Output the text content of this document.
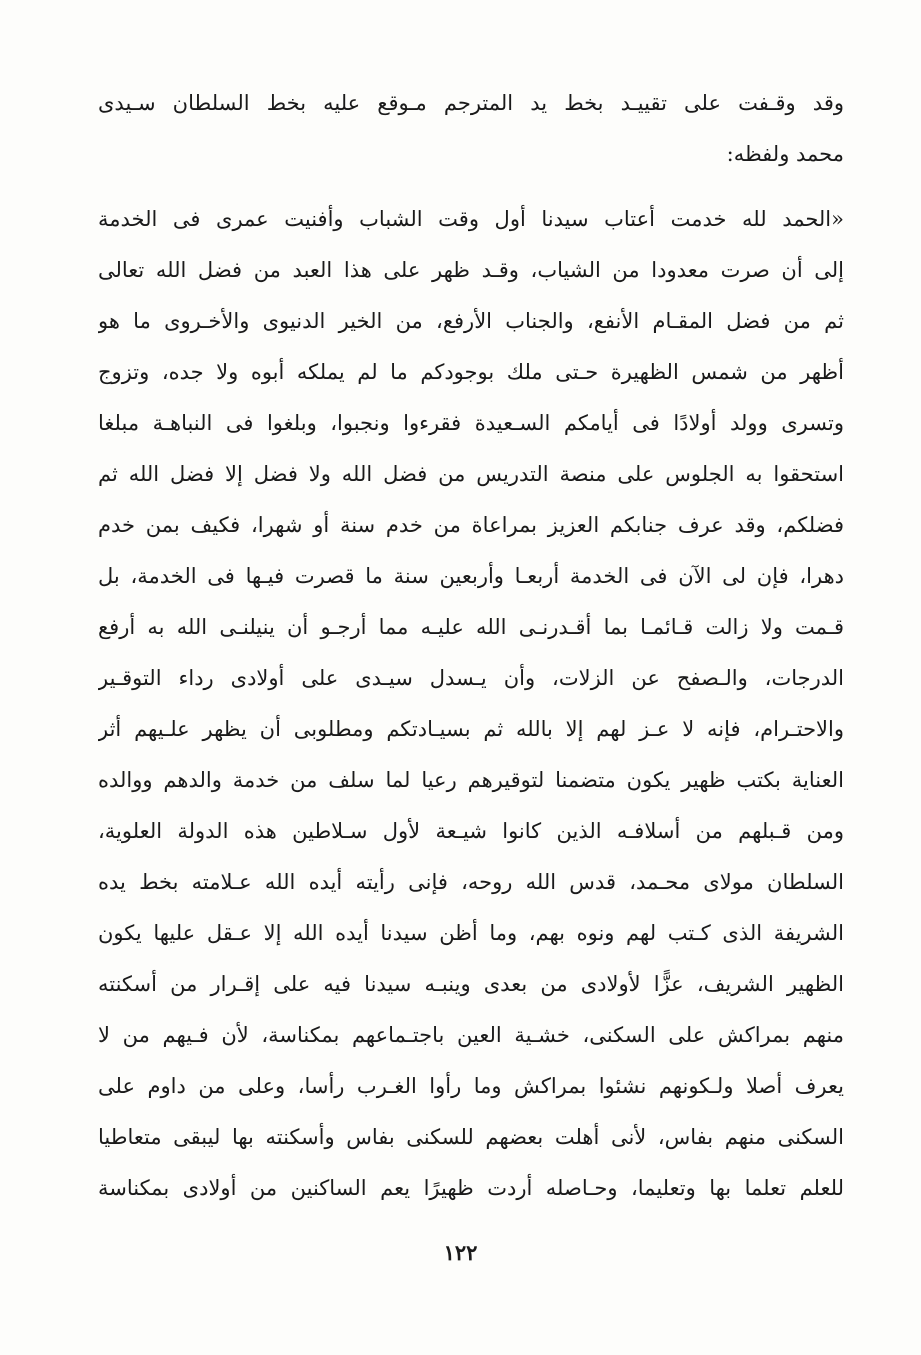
وقد وقـفت على تقييـد بخط يد المترجم مـوقع عليه بخط السلطان سـيدى
محمد ولفظه:
«الحمد لله خدمت أعتاب سيدنا أول وقت الشباب وأفنيت عمرى فى الخدمة
إلى أن صرت معدودا من الشياب، وقـد ظهر على هذا العبد من فضل الله تعالى
ثم من فضل المقـام الأنفع، والجناب الأرفع، من الخير الدنيوى والأخـروى ما هو
أظهر من شمس الظهيرة حـتى ملك بوجودكم ما لم يملكه أبوه ولا جده، وتزوج
وتسرى وولد أولادًا فى أيامكم السـعيدة فقرءوا ونجبوا، وبلغوا فى النباهـة مبلغا
استحقوا به الجلوس على منصة التدريس من فضل الله ولا فضل إلا فضل الله ثم
فضلكم، وقد عرف جنابكم العزيز بمراعاة من خدم سنة أو شهرا، فكيف بمن خدم
دهرا، فإن لى الآن فى الخدمة أربعـا وأربعين سنة ما قصرت فيـها فى الخدمة، بل
قـمت ولا زالت قـائمـا بما أقـدرنـى الله عليـه مما أرجـو أن ينيلنـى الله به أرفع
الدرجات، والـصفح عن الزلات، وأن يـسدل سيـدى على أولادى رداء التوقـير
والاحتـرام، فإنه لا عـز لهم إلا بالله ثم بسيـادتكم ومطلوبى أن يظهر علـيهم أثر
العناية بكتب ظهير يكون متضمنا لتوقيرهم رعيا لما سلف من خدمة والدهم ووالده
ومن قـبلهم من أسلافـه الذين كانوا شيـعة لأول سـلاطين هذه الدولة العلوية،
السلطان مولاى محـمد، قدس الله روحه، فإنى رأيته أيده الله عـلامته بخط يده
الشريفة الذى كـتب لهم ونوه بهم، وما أظن سيدنا أيده الله إلا عـقل عليها يكون
الظهير الشريف، عزًّا لأولادى من بعدى وينبـه سيدنا فيه على إقـرار من أسكنته
منهم بمراكش على السكنى، خشـية العين باجتـماعهم بمكناسة، لأن فـيهم من لا
يعرف أصلا ولـكونهم نشئوا بمراكش وما رأوا الغـرب رأسا، وعلى من داوم على
السكنى منهم بفاس، لأنى أهلت بعضهم للسكنى بفاس وأسكنته بها ليبقى متعاطيا
للعلم تعلما بها وتعليما، وحـاصله أردت ظهيرًا يعم الساكنين من أولادى بمكناسة
١٢٢
